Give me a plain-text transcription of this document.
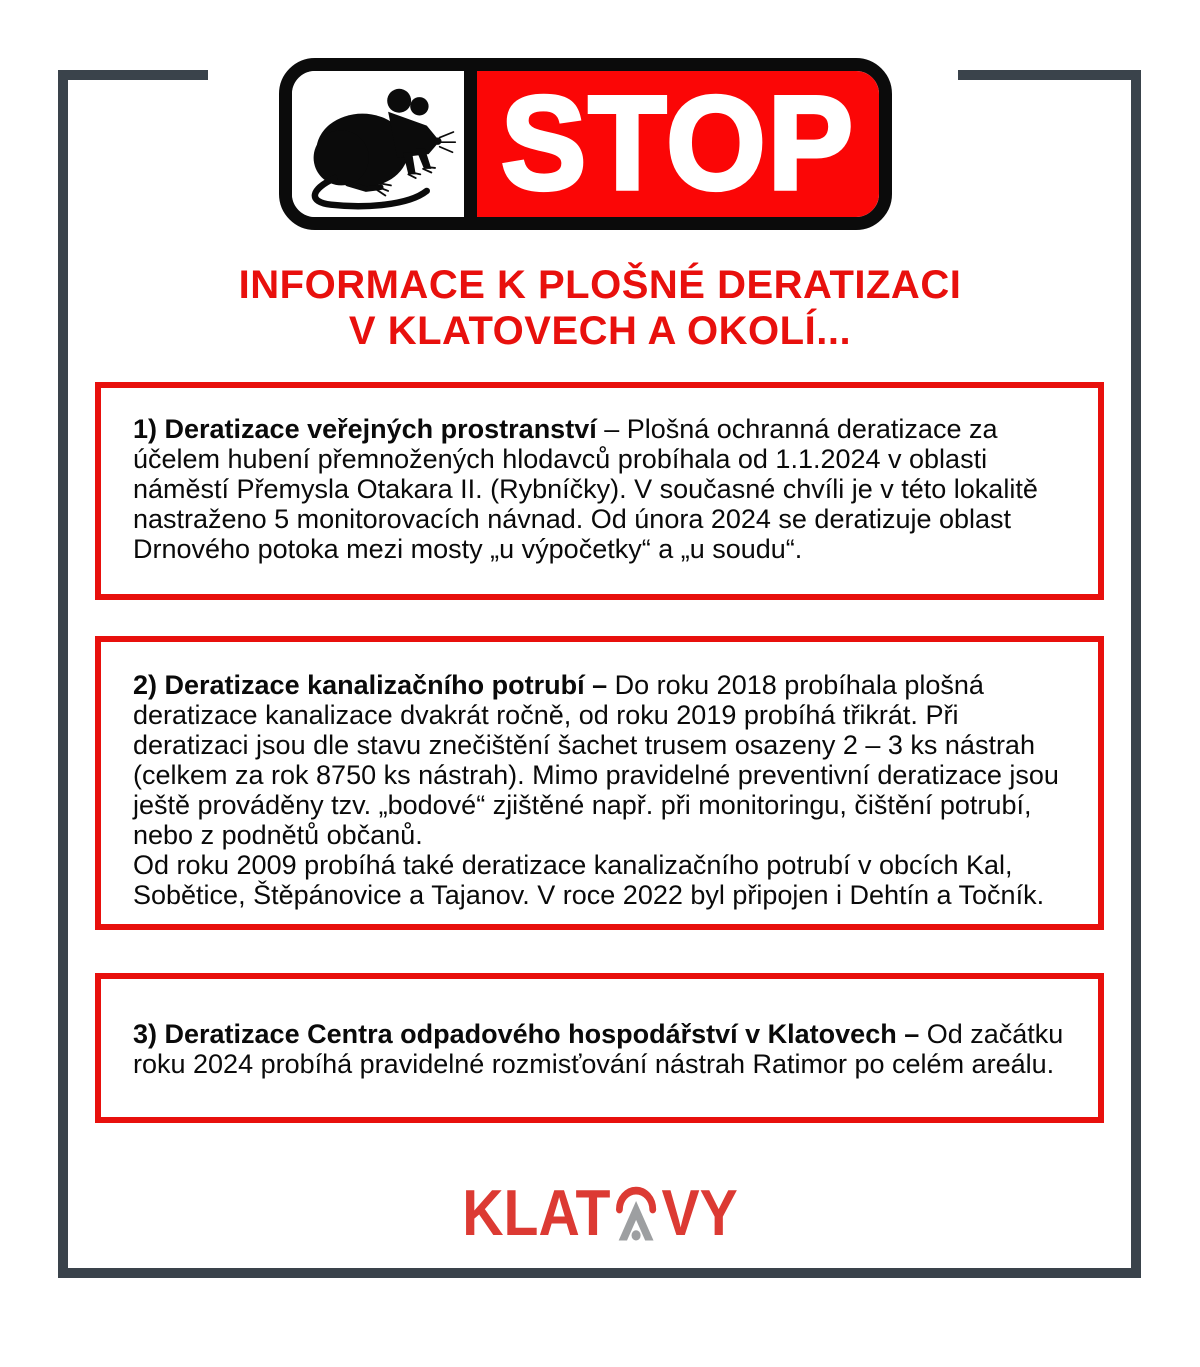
STOP
INFORMACE K PLOŠNÉ DERATIZACI
V KLATOVECH A OKOLÍ...

1) Deratizace veřejných prostranství – Plošná ochranná deratizace za účelem hubení přemnožených hlodavců probíhala od 1.1.2024 v oblasti náměstí Přemysla Otakara II. (Rybníčky). V současné chvíli je v této lokalitě nastraženo 5 monitorovacích návnad. Od února 2024 se deratizuje oblast Drnového potoka mezi mosty „u výpočetky“ a „u soudu“.

2) Deratizace kanalizačního potrubí – Do roku 2018 probíhala plošná deratizace kanalizace dvakrát ročně, od roku 2019 probíhá třikrát. Při deratizaci jsou dle stavu znečištění šachet trusem osazeny 2 – 3 ks nástrah (celkem za rok 8750 ks nástrah). Mimo pravidelné preventivní deratizace jsou ještě prováděny tzv. „bodové“ zjištěné např. při monitoringu, čištění potrubí, nebo z podnětů občanů.

Od roku 2009 probíhá také deratizace kanalizačního potrubí v obcích Kal, Sobětice, Štěpánovice a Tajanov. V roce 2022 byl připojen i Dehtín a Točník.

3) Deratizace Centra odpadového hospodářství v Klatovech – Od začátku roku 2024 probíhá pravidelné rozmisťování nástrah Ratimor po celém areálu.

KLAT VY
